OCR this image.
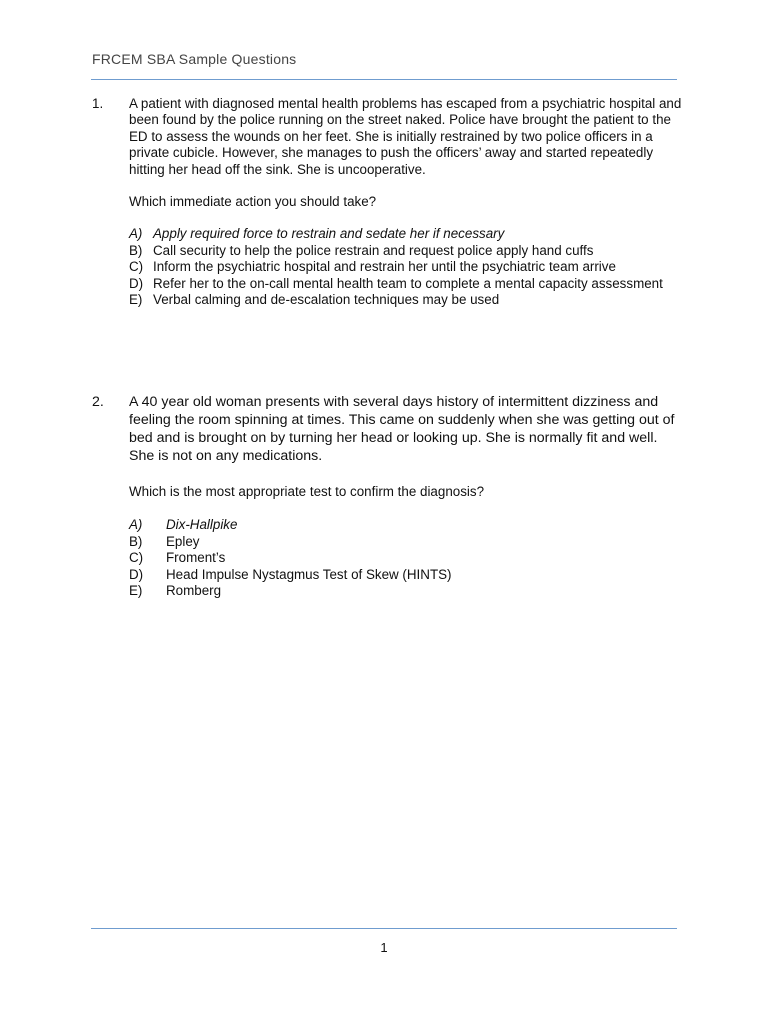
FRCEM SBA Sample Questions
1. A patient with diagnosed mental health problems has escaped from a psychiatric hospital and been found by the police running on the street naked. Police have brought the patient to the ED to assess the wounds on her feet. She is initially restrained by two police officers in a private cubicle. However, she manages to push the officers’ away and started repeatedly hitting her head off the sink. She is uncooperative.

Which immediate action you should take?

A) Apply required force to restrain and sedate her if necessary
B) Call security to help the police restrain and request police apply hand cuffs
C) Inform the psychiatric hospital and restrain her until the psychiatric team arrive
D) Refer her to the on-call mental health team to complete a mental capacity assessment
E) Verbal calming and de-escalation techniques may be used
2. A 40 year old woman presents with several days history of intermittent dizziness and feeling the room spinning at times. This came on suddenly when she was getting out of bed and is brought on by turning her head or looking up. She is normally fit and well. She is not on any medications.

Which is the most appropriate test to confirm the diagnosis?

A) Dix-Hallpike
B) Epley
C) Froment’s
D) Head Impulse Nystagmus Test of Skew (HINTS)
E) Romberg
1
